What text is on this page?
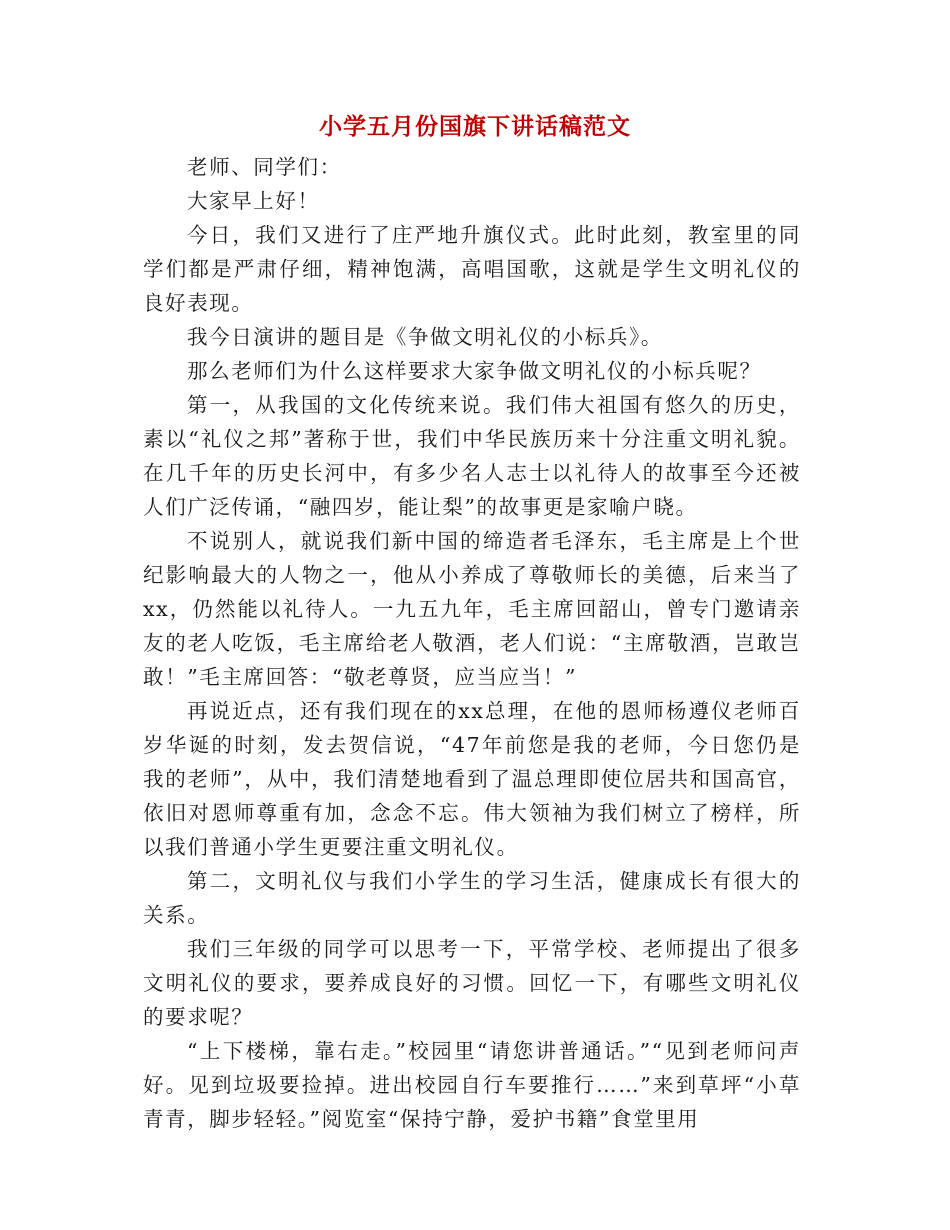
小学五月份国旗下讲话稿范文

老师、同学们：

大家早上好！

今日，我们又进行了庄严地升旗仪式。此时此刻，教室里的同学们都是严肃仔细，精神饱满，高唱国歌，这就是学生文明礼仪的良好表现。

我今日演讲的题目是《争做文明礼仪的小标兵》。

那么老师们为什么这样要求大家争做文明礼仪的小标兵呢？

第一，从我国的文化传统来说。我们伟大祖国有悠久的历史，素以“礼仪之邦”著称于世，我们中华民族历来十分注重文明礼貌。在几千年的历史长河中，有多少名人志士以礼待人的故事至今还被人们广泛传诵，“融四岁，能让梨”的故事更是家喻户晓。

不说别人，就说我们新中国的缔造者毛泽东，毛主席是上个世纪影响最大的人物之一，他从小养成了尊敬师长的美德，后来当了xx，仍然能以礼待人。一九五九年，毛主席回韶山，曾专门邀请亲友的老人吃饭，毛主席给老人敬酒，老人们说：“主席敬酒，岂敢岂敢！”毛主席回答：“敬老尊贤，应当应当！”

再说近点，还有我们现在的xx总理，在他的恩师杨遵仪老师百岁华诞的时刻，发去贺信说，“47年前您是我的老师，今日您仍是我的老师”，从中，我们清楚地看到了温总理即使位居共和国高官，依旧对恩师尊重有加，念念不忘。伟大领袖为我们树立了榜样，所以我们普通小学生更要注重文明礼仪。

第二，文明礼仪与我们小学生的学习生活，健康成长有很大的关系。

我们三年级的同学可以思考一下，平常学校、老师提出了很多文明礼仪的要求，要养成良好的习惯。回忆一下，有哪些文明礼仪的要求呢？

“上下楼梯，靠右走。”校园里“请您讲普通话。”“见到老师问声好。见到垃圾要捡掉。进出校园自行车要推行……”来到草坪“小草青青，脚步轻轻。”阅览室“保持宁静，爱护书籍”食堂里用
